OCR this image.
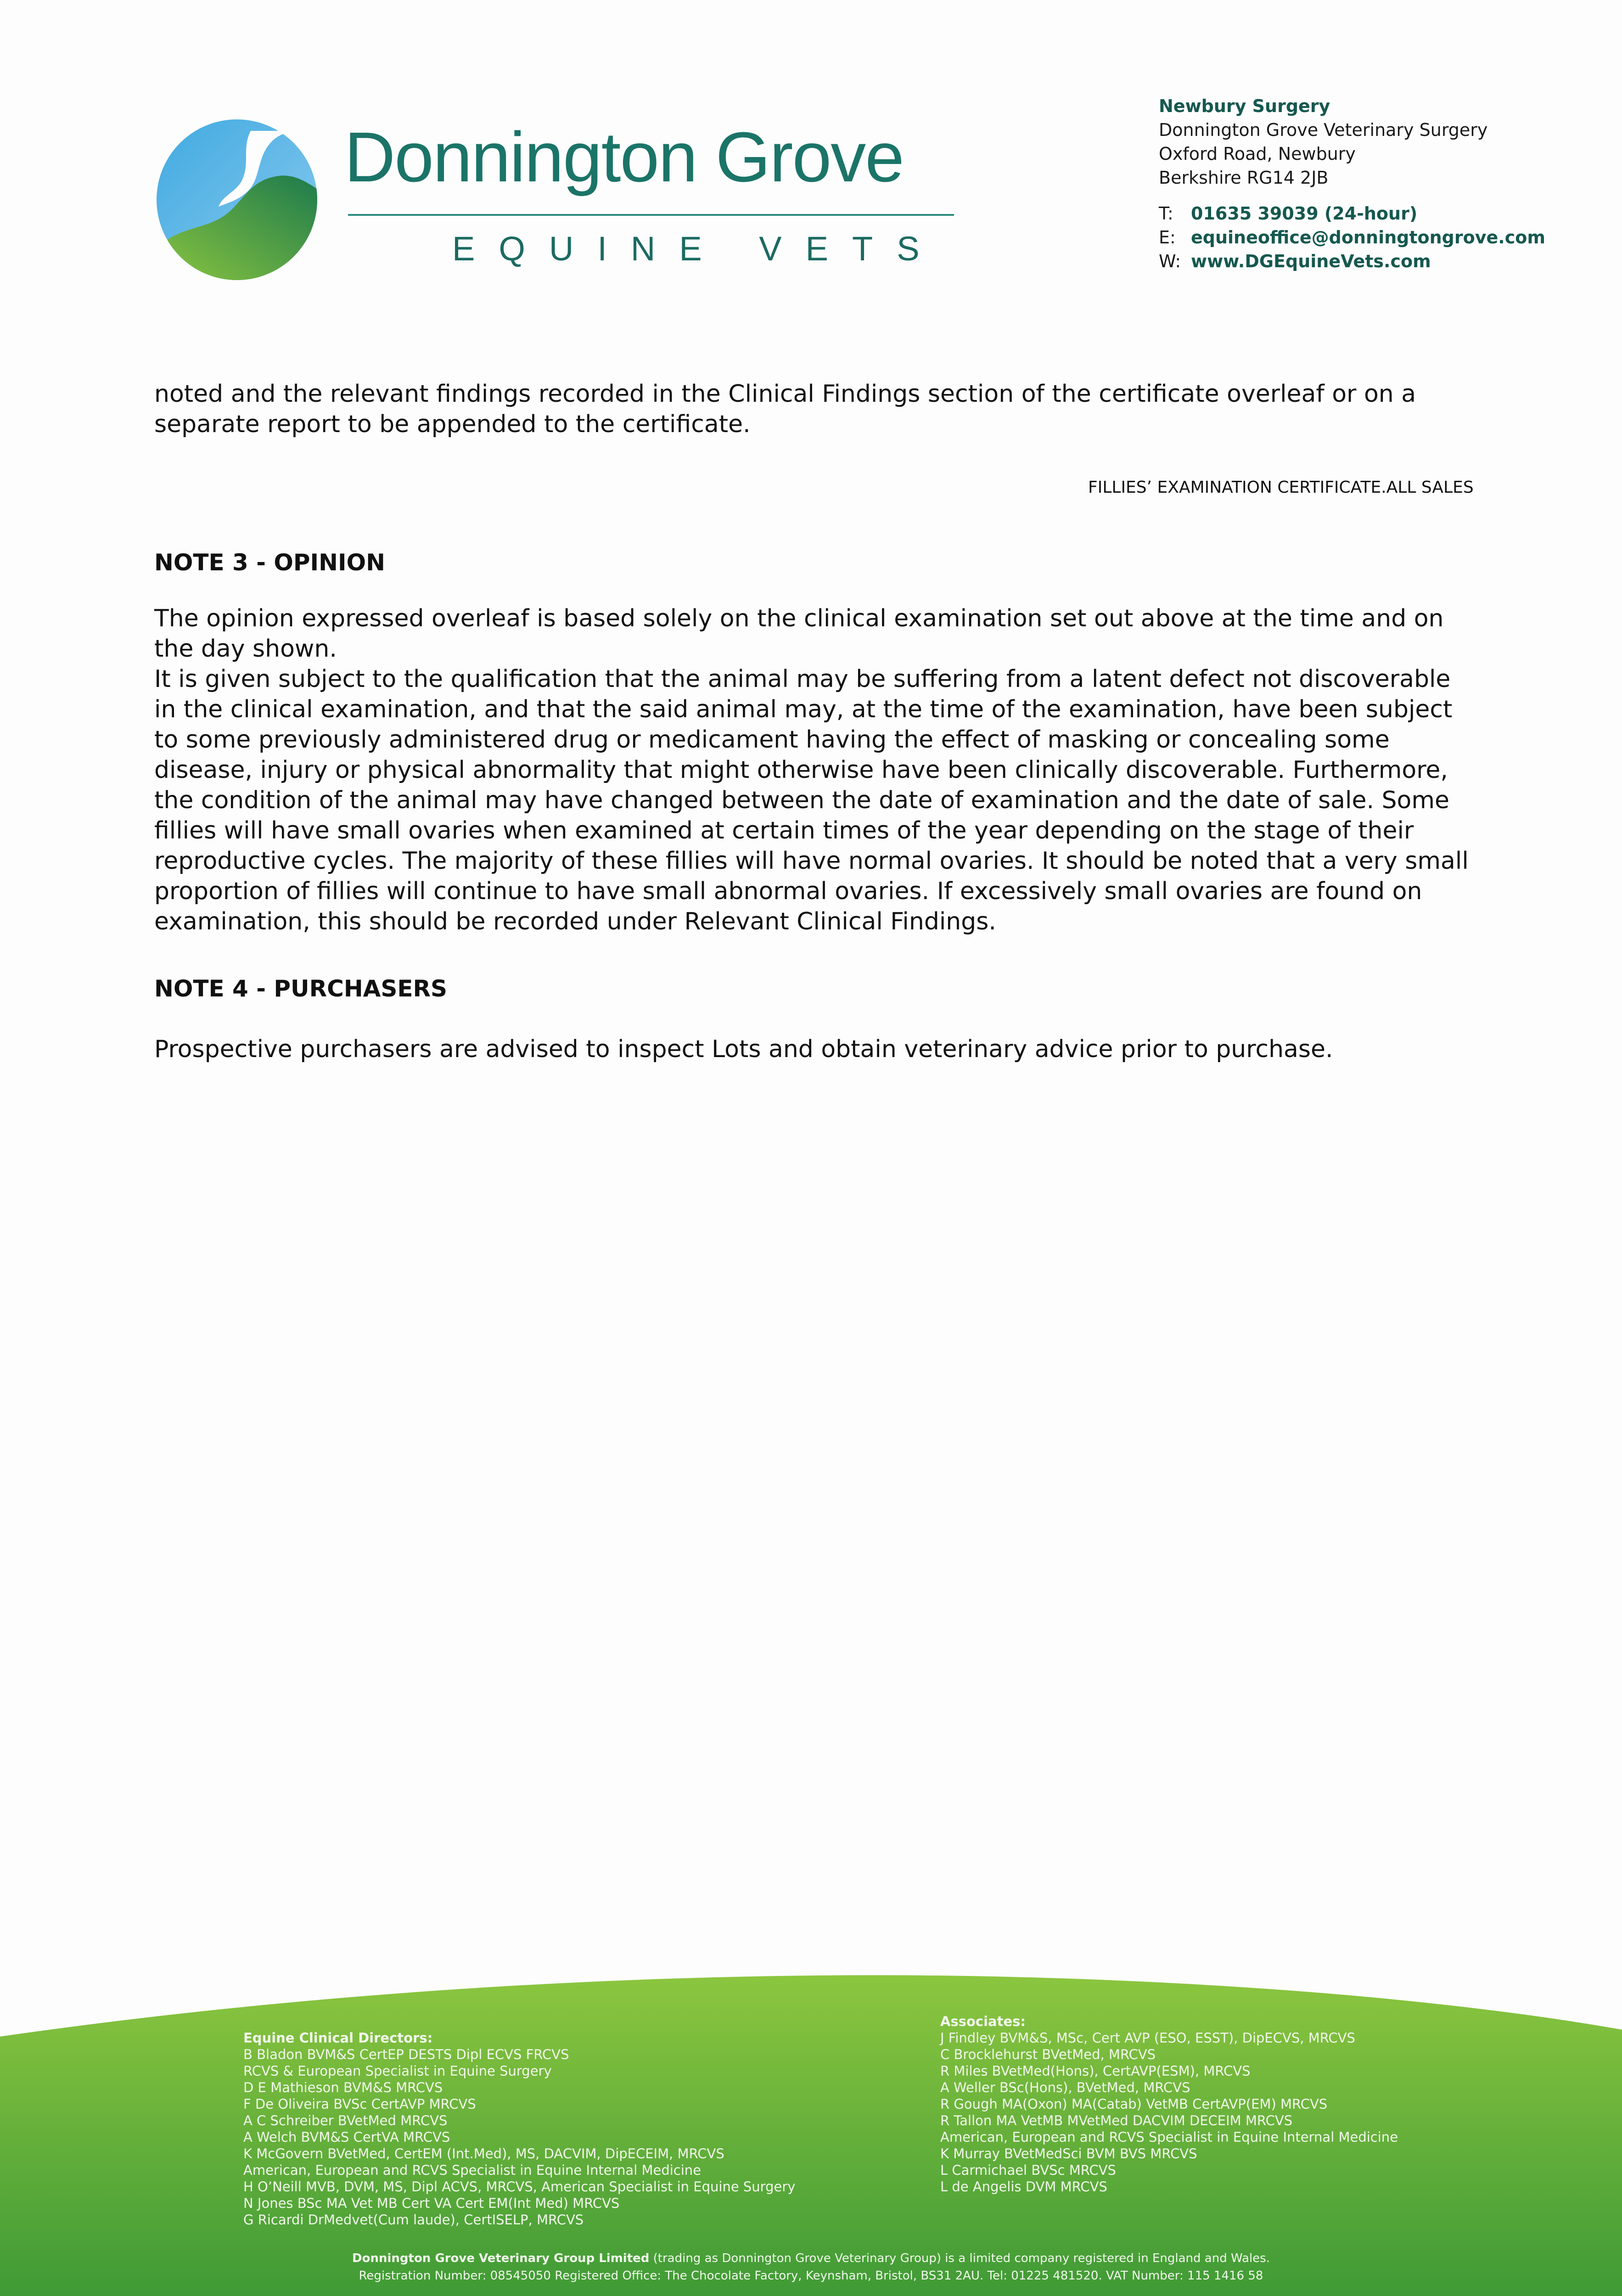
Donnington Grove
EQUINE VETS
Newbury Surgery
Donnington Grove Veterinary Surgery
Oxford Road, Newbury
Berkshire RG14 2JB
T: 01635 39039 (24-hour)
E: equineoffice@donningtongrove.com
W: www.DGEquineVets.com
FILLIES’ EXAMINATION CERTIFICATE.ALL SALES

noted and the relevant findings recorded in the Clinical Findings section of the certificate overleaf or on a separate report to be appended to the certificate.

NOTE 3 - OPINION

The opinion expressed overleaf is based solely on the clinical examination set out above at the time and on the day shown.

It is given subject to the qualification that the animal may be suffering from a latent defect not discoverable in the clinical examination, and that the said animal may, at the time of the examination, have been subject to some previously administered drug or medicament having the effect of masking or concealing some disease, injury or physical abnormality that might otherwise have been clinically discoverable. Furthermore, the condition of the animal may have changed between the date of examination and the date of sale. Some fillies will have small ovaries when examined at certain times of the year depending on the stage of their reproductive cycles. The majority of these fillies will have normal ovaries. It should be noted that a very small proportion of fillies will continue to have small abnormal ovaries. If excessively small ovaries are found on examination, this should be recorded under Relevant Clinical Findings.

NOTE 4 - PURCHASERS

Prospective purchasers are advised to inspect Lots and obtain veterinary advice prior to purchase.

Equine Clinical Directors:
B Bladon BVM&S CertEP DESTS Dipl ECVS FRCVS
RCVS & European Specialist in Equine Surgery
D E Mathieson BVM&S MRCVS
F De Oliveira BVSc CertAVP MRCVS
A C Schreiber BVetMed MRCVS
A Welch BVM&S CertVA MRCVS
K McGovern BVetMed, CertEM (Int.Med), MS, DACVIM, DipECEIM, MRCVS
American, European and RCVS Specialist in Equine Internal Medicine
H O’Neill MVB, DVM, MS, Dipl ACVS, MRCVS, American Specialist in Equine Surgery
N Jones BSc MA Vet MB Cert VA Cert EM(Int Med) MRCVS
G Ricardi DrMedvet(Cum laude), CertISELP, MRCVS
Associates:
J Findley BVM&S, MSc, Cert AVP (ESO, ESST), DipECVS, MRCVS
C Brocklehurst BVetMed, MRCVS
R Miles BVetMed(Hons), CertAVP(ESM), MRCVS
A Weller BSc(Hons), BVetMed, MRCVS
R Gough MA(Oxon) MA(Catab) VetMB CertAVP(EM) MRCVS
R Tallon MA VetMB MVetMed DACVIM DECEIM MRCVS
American, European and RCVS Specialist in Equine Internal Medicine
K Murray BVetMedSci BVM BVS MRCVS
L Carmichael BVSc MRCVS
L de Angelis DVM MRCVS
Donnington Grove Veterinary Group Limited (trading as Donnington Grove Veterinary Group) is a limited company registered in England and Wales.
Registration Number: 08545050 Registered Office: The Chocolate Factory, Keynsham, Bristol, BS31 2AU. Tel: 01225 481520. VAT Number: 115 1416 58
